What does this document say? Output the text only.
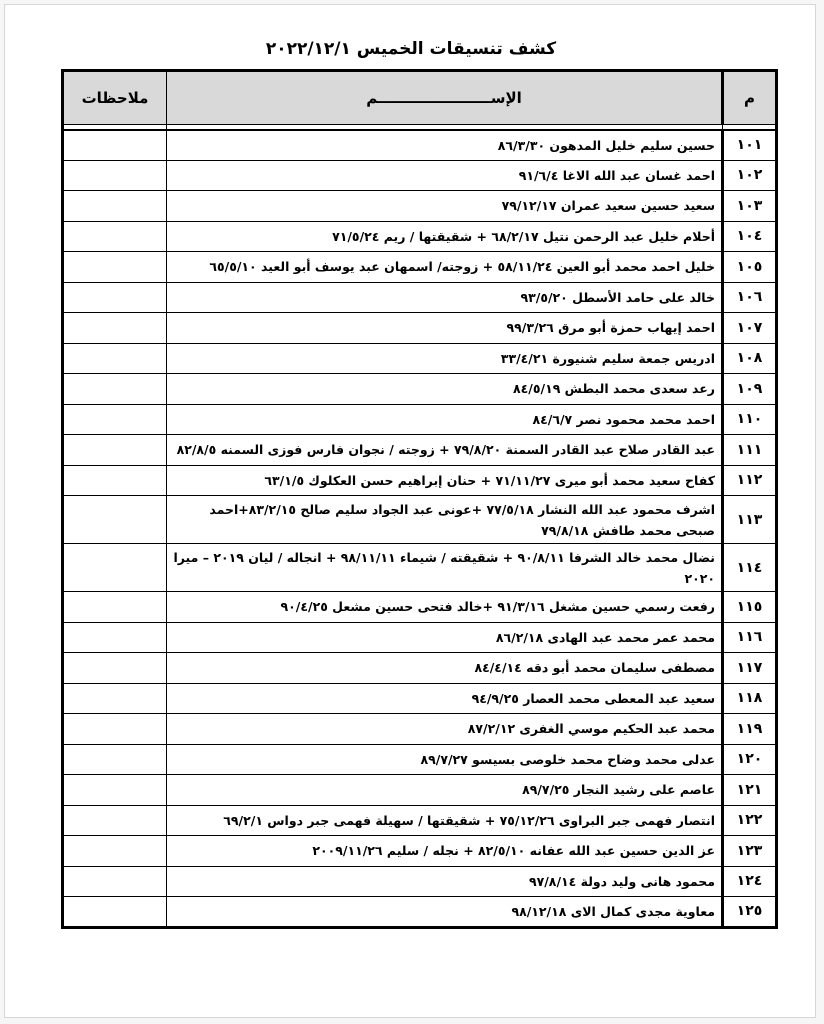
كشف تنسيقات الخميس ٢٠٢٢/١٢/١
م	الإســــــــــــــــــــــم	ملاحظات

١٠١	حسين سليم خليل المدهون ٨٦/٣/٣٠	
١٠٢	احمد غسان عبد الله الاغا ٩١/٦/٤	
١٠٣	سعيد حسين سعيد عمران ٧٩/١٢/١٧	
١٠٤	أحلام خليل عبد الرحمن نتيل ٦٨/٢/١٧ + شقيقتها / ريم ٧١/٥/٢٤	
١٠٥	خليل احمد محمد أبو العين ٥٨/١١/٢٤ + زوجته/ اسمهان عبد يوسف أبو العيد ٦٥/٥/١٠	
١٠٦	خالد على حامد الأسطل ٩٣/٥/٢٠	
١٠٧	احمد إيهاب حمزة أبو مرق ٩٩/٣/٢٦	
١٠٨	ادريس جمعة سليم شنيورة ٣٣/٤/٢١	
١٠٩	رعد سعدى محمد البطش ٨٤/٥/١٩	
١١٠	احمد محمد محمود نصر ٨٤/٦/٧	
١١١	عبد القادر صلاح عبد القادر السمنة ٧٩/٨/٢٠ + زوجته / نجوان فارس فوزى السمنه ٨٢/٨/٥	
١١٢	كفاح سعيد محمد أبو ميرى ٧١/١١/٢٧ + حنان إبراهيم حسن العكلوك ٦٣/١/٥	
١١٣	اشرف محمود عبد الله النشار ٧٧/٥/١٨ +عونى عبد الجواد سليم صالح ٨٣/٢/١٥+احمد صبحى محمد طافش ٧٩/٨/١٨	
١١٤	نضال محمد خالد الشرفا ٩٠/٨/١١ + شقيقته / شيماء ٩٨/١١/١١ + انجاله / ليان ٢٠١٩ – ميرا ٢٠٢٠	
١١٥	رفعت رسمي حسين مشغل ٩١/٣/١٦ +خالد فتحى حسين مشعل ٩٠/٤/٢٥	
١١٦	محمد عمر محمد عبد الهادى ٨٦/٢/١٨	
١١٧	مصطفى سليمان محمد أبو دقه ٨٤/٤/١٤	
١١٨	سعيد عبد المعطى محمد العصار ٩٤/٩/٢٥	
١١٩	محمد عبد الحكيم موسي الغفرى ٨٧/٢/١٢	
١٢٠	عدلى محمد وضاح محمد خلوصى بسيسو ٨٩/٧/٢٧	
١٢١	عاصم على رشيد النجار ٨٩/٧/٢٥	
١٢٢	انتصار فهمى جبر البراوى ٧٥/١٢/٢٦ + شقيقتها / سهيلة فهمى جبر دواس ٦٩/٢/١	
١٢٣	عز الدين حسين عبد الله عفانه ٨٢/٥/١٠ + نجله / سليم ٢٠٠٩/١١/٢٦	
١٢٤	محمود هانى وليد دولة ٩٧/٨/١٤	
١٢٥	معاوية مجدى كمال الاى ٩٨/١٢/١٨	
